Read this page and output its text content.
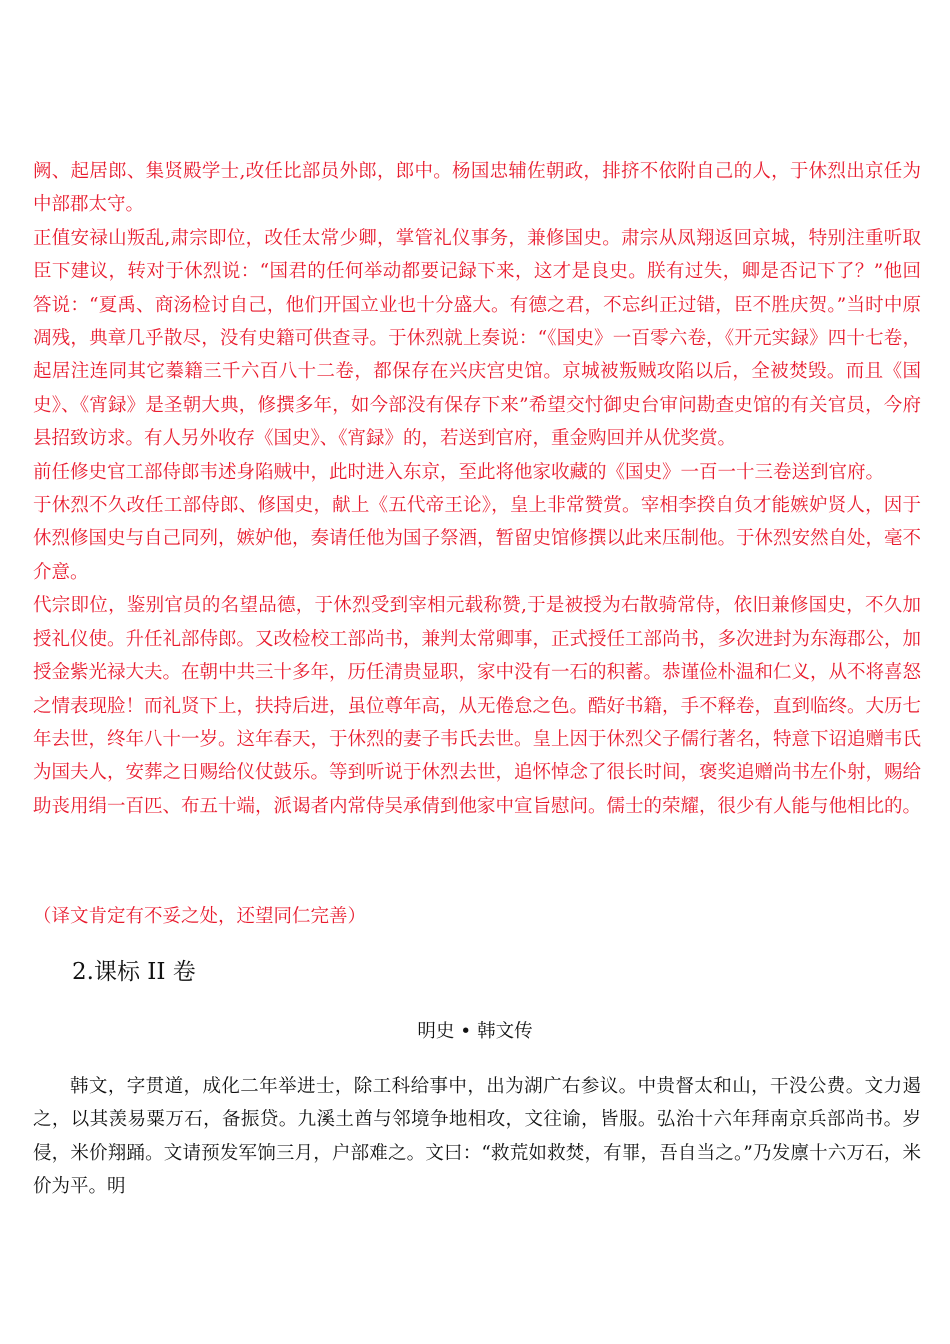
阙、起居郎、集贤殿学士,改任比部员外郎，郎中。杨国忠辅佐朝政，排挤不依附自己的人，于休烈出京任为中部郡太守。

正值安禄山叛乱,肃宗即位，改任太常少卿，掌管礼仪事务，兼修国史。肃宗从凤翔返回京城，特别注重听取臣下建议，转对于休烈说：“国君的任何举动都要记録下来，这才是良史。朕有过失，卿是否记下了？”他回答说：“夏禹、商汤检讨自己，他们开国立业也十分盛大。有德之君，不忘纠正过错，臣不胜庆贺。”当时中原凋残，典章几乎散尽，没有史籍可供查寻。于休烈就上奏说：“《国史》一百零六卷，《开元实録》四十七卷，起居注连同其它蓁籍三千六百八十二卷，都保存在兴庆宫史馆。京城被叛贼攻陷以后，全被焚毁。而且《国史》、《宵録》是圣朝大典，修撰多年，如今部没有保存下来”希望交忖御史台审问勘查史馆的有关官员，今府县招致访求。有人另外收存《国史》、《宵録》的，若送到官府，重金购回并从优奖赏。

前任修史官工部侍郎韦述身陷贼中，此时进入东京，至此将他家收藏的《国史》一百一十三卷送到官府。

于休烈不久改任工部侍郎、修国史，献上《五代帝王论》，皇上非常赞赏。宰相李揆自负才能嫉妒贤人，因于休烈修国史与自己同列，嫉妒他，奏请任他为国子祭酒，暂留史馆修撰以此来压制他。于休烈安然自处，毫不介意。

代宗即位，鉴别官员的名望品德，于休烈受到宰相元载称赞,于是被授为右散骑常侍，依旧兼修国史，不久加授礼仪使。升任礼部侍郎。又改检校工部尚书，兼判太常卿事，正式授任工部尚书，多次进封为东海郡公，加授金紫光禄大夫。在朝中共三十多年，历任清贵显职，家中没有一石的积蓄。恭谨俭朴温和仁义，从不将喜怒之情表现脸！而礼贤下上，扶持后进，虽位尊年高，从无倦怠之色。酷好书籍，手不释卷，直到临终。大历七年去世，终年八十一岁。这年春天，于休烈的妻子韦氏去世。皇上因于休烈父子儒行著名，特意下诏追赠韦氏为国夫人，安葬之日赐给仪仗鼓乐。等到听说于休烈去世，追怀悼念了很长时间，褒奖追赠尚书左仆射，赐给助丧用绢一百匹、布五十端，派谒者内常侍吴承倩到他家中宣旨慰问。儒士的荣耀，很少有人能与他相比的。

（译文肯定有不妥之处，还望同仁完善）
2.课标 II 卷
明史 • 韩文传

韩文，字贯道，成化二年举进士，除工科给事中，出为湖广右参议。中贵督太和山，干没公费。文力遏之，以其羡易粟万石，备振贷。九溪土酋与邻境争地相攻，文往谕，皆服。弘治十六年拜南京兵部尚书。岁侵，米价翔踊。文请预发军饷三月，户部难之。文曰：“救荒如救焚，有罪，吾自当之。”乃发廪十六万石，米价为平。明
